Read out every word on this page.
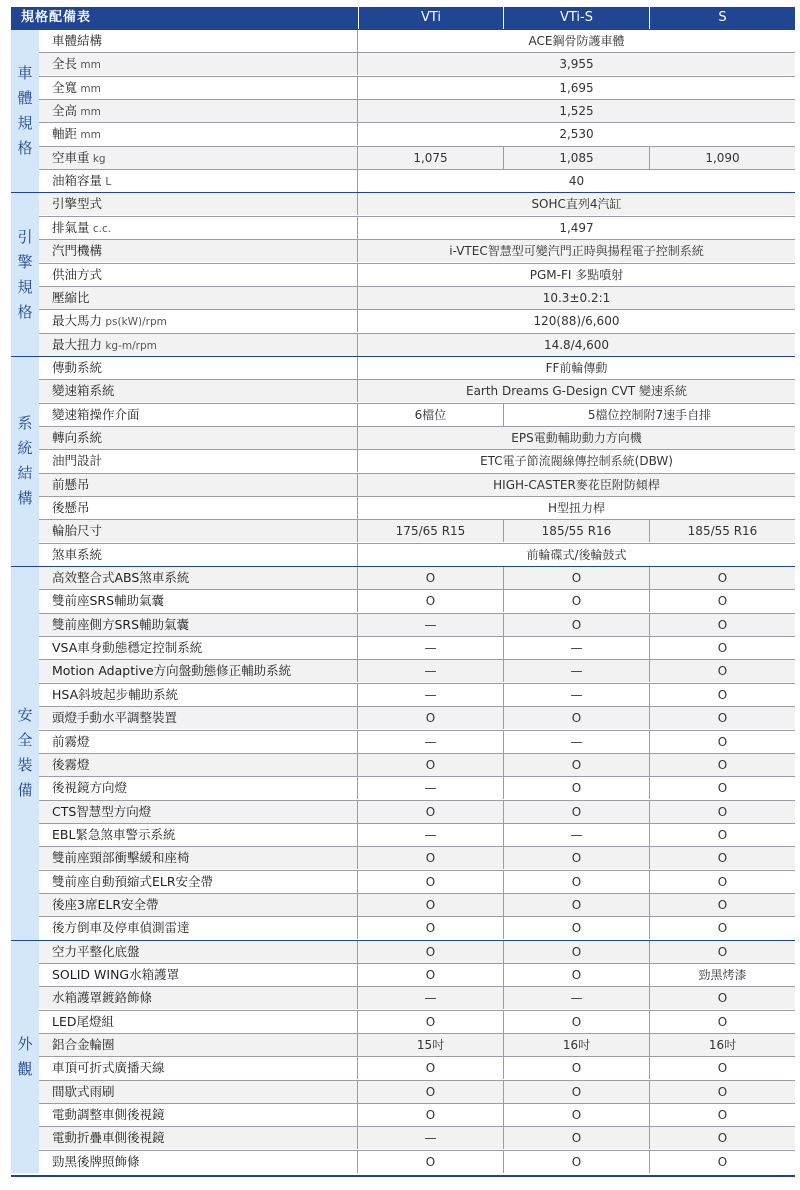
規格配備表	VTi	VTi-S	S
車
體
規
格
車體結構	ACE鋼骨防護車體
全長 mm	3,955
全寬 mm	1,695
全高 mm	1,525
軸距 mm	2,530
空車重 kg	1,075	1,085	1,090
油箱容量 L	40
引
擎
規
格
引擎型式	SOHC直列4汽缸
排氣量 c.c.	1,497
汽門機構	i-VTEC智慧型可變汽門正時與揚程電子控制系統
供油方式	PGM-FI 多點噴射
壓縮比	10.3±0.2:1
最大馬力 ps(kW)/rpm	120(88)/6,600
最大扭力 kg-m/rpm	14.8/4,600
系
統
結
構
傳動系統	FF前輪傳動
變速箱系統	Earth Dreams G-Design CVT 變速系統
變速箱操作介面	6檔位	5檔位控制附7速手自排
轉向系統	EPS電動輔助動力方向機
油門設計	ETC電子節流閥線傳控制系統(DBW)
前懸吊	HIGH-CASTER麥花臣附防傾桿
後懸吊	H型扭力桿
輪胎尺寸	175/65 R15	185/55 R16	185/55 R16
煞車系統	前輪碟式/後輪鼓式
安
全
裝
備
高效整合式ABS煞車系統	O	O	O
雙前座SRS輔助氣囊	O	O	O
雙前座側方SRS輔助氣囊	—	O	O
VSA車身動態穩定控制系統	—	—	O
Motion Adaptive方向盤動態修正輔助系統	—	—	O
HSA斜坡起步輔助系統	—	—	O
頭燈手動水平調整裝置	O	O	O
前霧燈	—	—	O
後霧燈	O	O	O
後視鏡方向燈	—	O	O
CTS智慧型方向燈	O	O	O
EBL緊急煞車警示系統	—	—	O
雙前座頸部衝擊緩和座椅	O	O	O
雙前座自動預縮式ELR安全帶	O	O	O
後座3席ELR安全帶	O	O	O
後方倒車及停車偵測雷達	O	O	O
外
觀
空力平整化底盤	O	O	O
SOLID WING水箱護罩	O	O	勁黑烤漆
水箱護罩鍍鉻飾條	—	—	O
LED尾燈組	O	O	O
鋁合金輪圈	15吋	16吋	16吋
車頂可折式廣播天線	O	O	O
間歇式雨刷	O	O	O
電動調整車側後視鏡	O	O	O
電動折疊車側後視鏡	—	O	O
勁黑後牌照飾條	O	O	O
